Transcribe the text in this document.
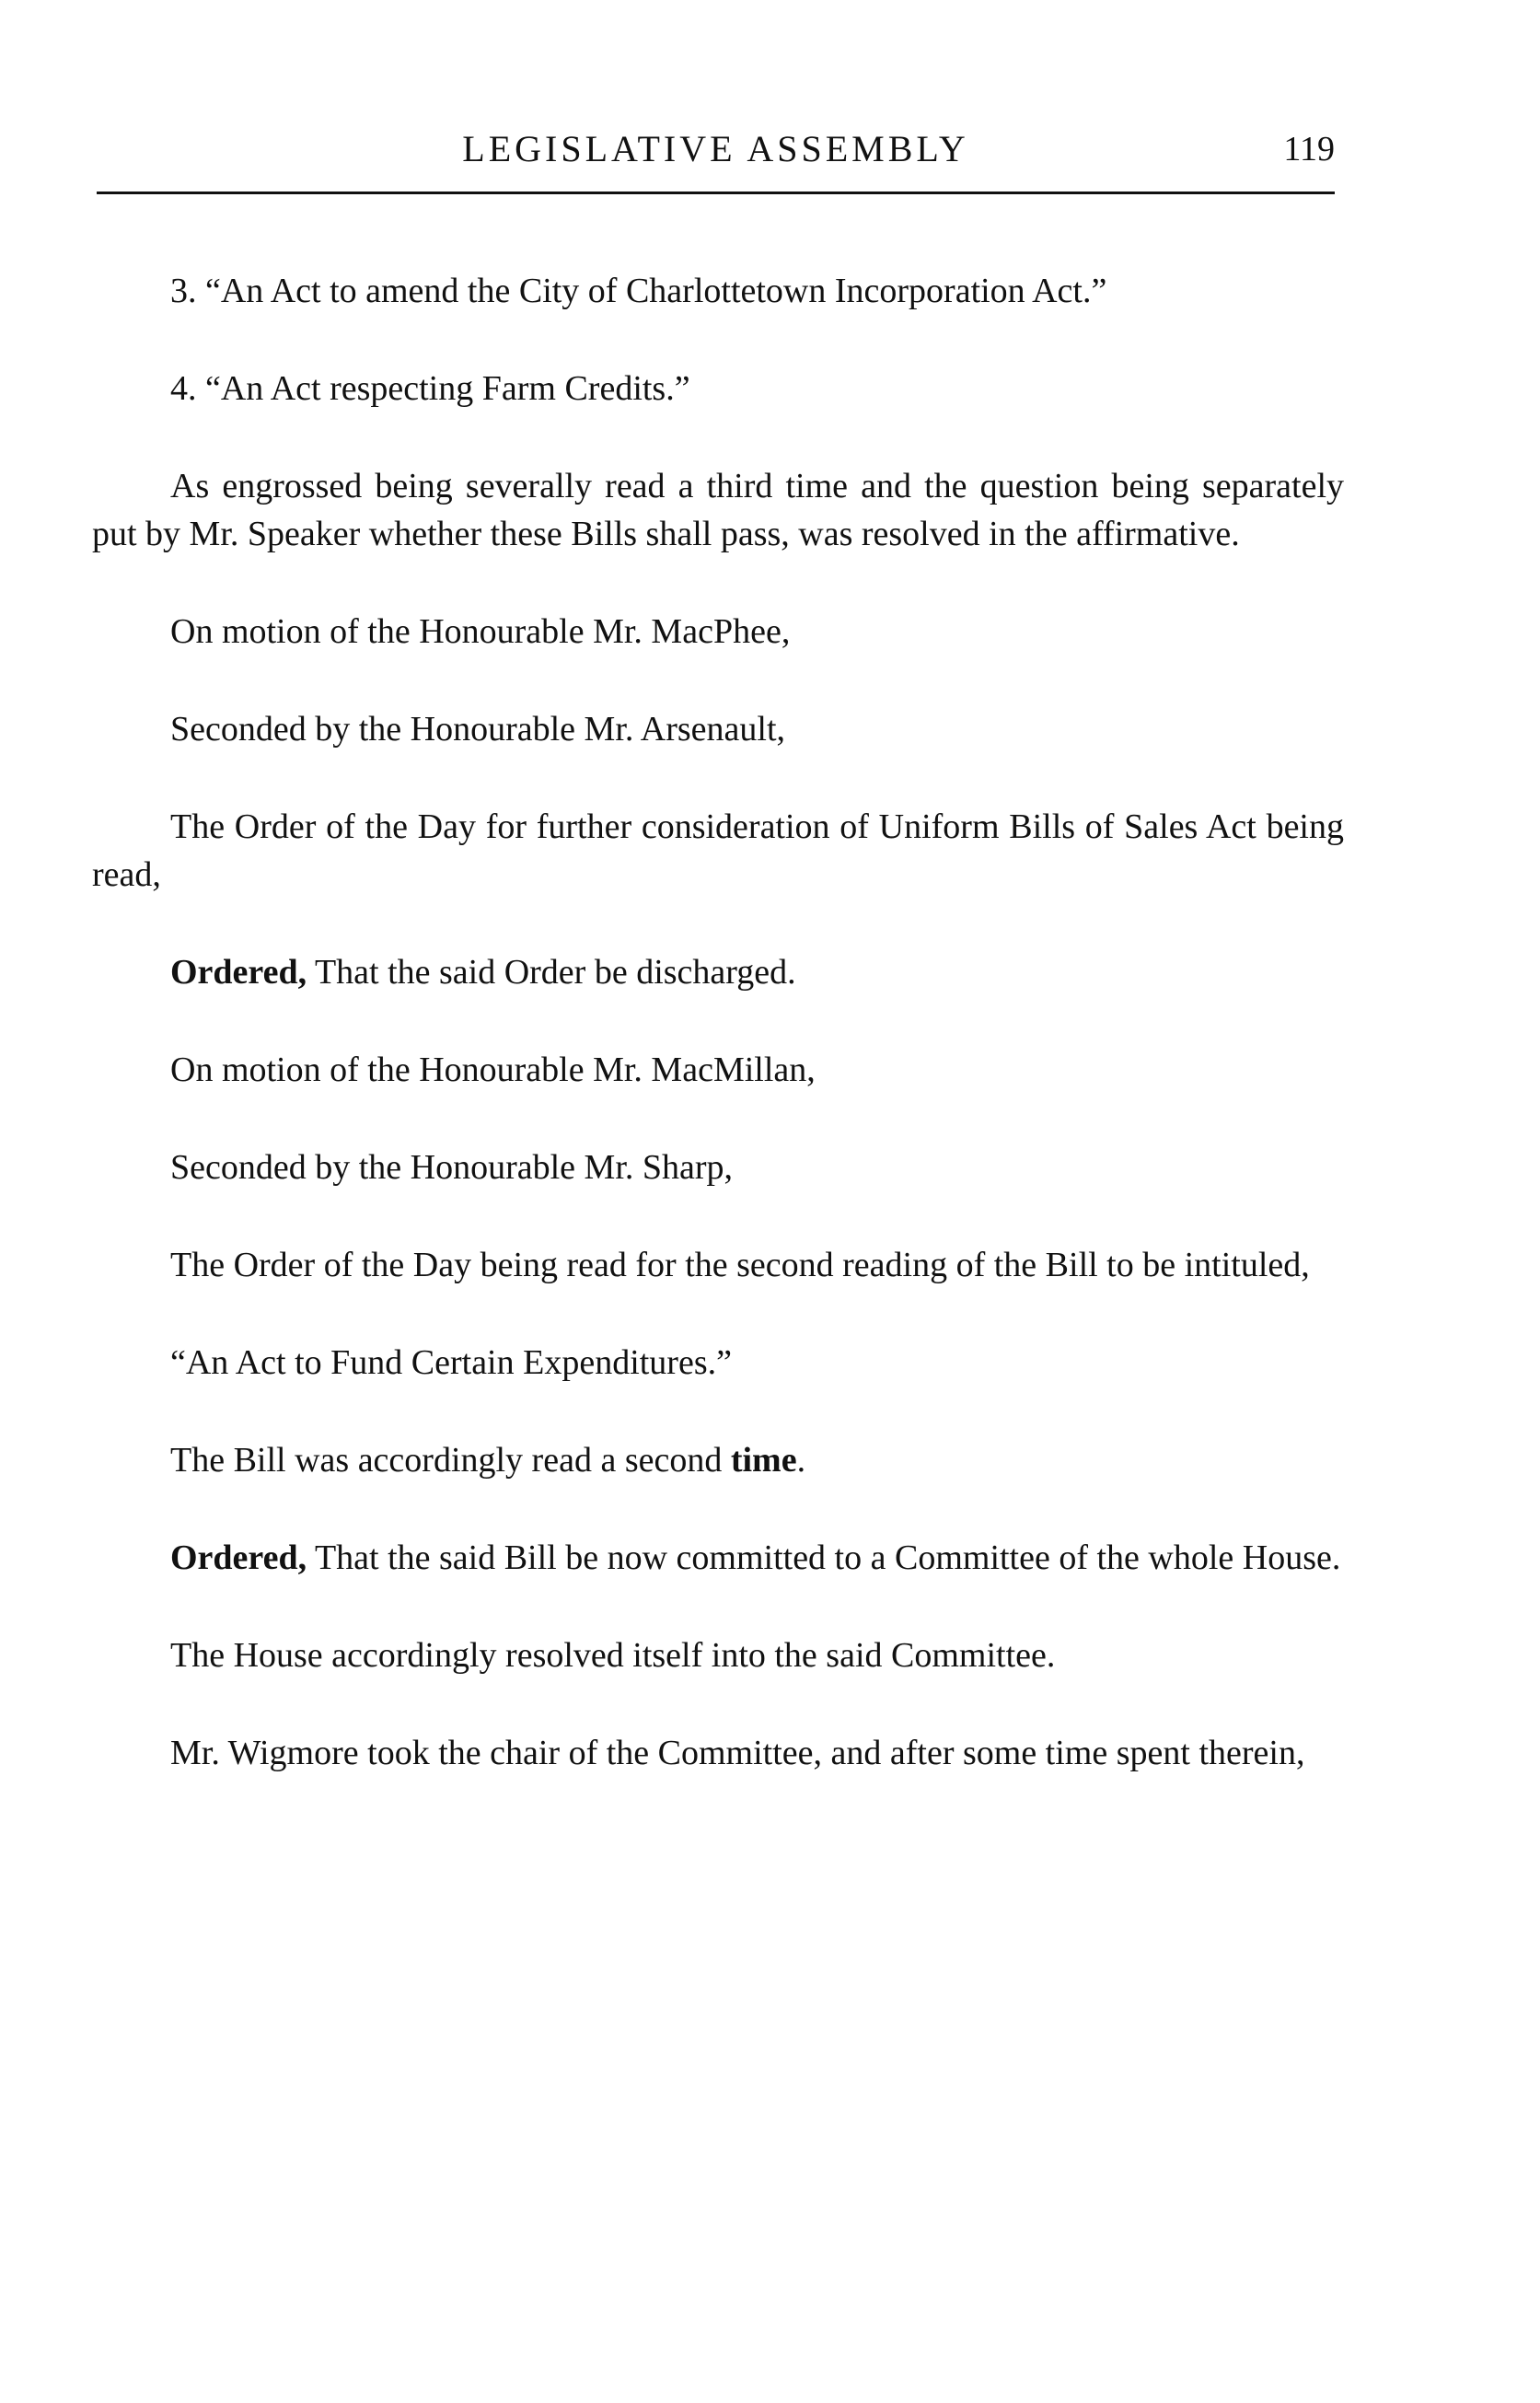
LEGISLATIVE ASSEMBLY	119

3. “An Act to amend the City of Charlottetown Incorporation Act.”

4. “An Act respecting Farm Credits.”

As engrossed being severally read a third time and the question being separately put by Mr. Speaker whether these Bills shall pass, was resolved in the affirmative.

On motion of the Honourable Mr. MacPhee,

Seconded by the Honourable Mr. Arsenault,

The Order of the Day for further consideration of Uniform Bills of Sales Act being read,

Ordered, That the said Order be discharged.

On motion of the Honourable Mr. MacMillan,

Seconded by the Honourable Mr. Sharp,

The Order of the Day being read for the second reading of the Bill to be intituled,

“An Act to Fund Certain Expenditures.”

The Bill was accordingly read a second time.

Ordered, That the said Bill be now committed to a Committee of the whole House.

The House accordingly resolved itself into the said Committee.

Mr. Wigmore took the chair of the Committee, and after some time spent therein,
